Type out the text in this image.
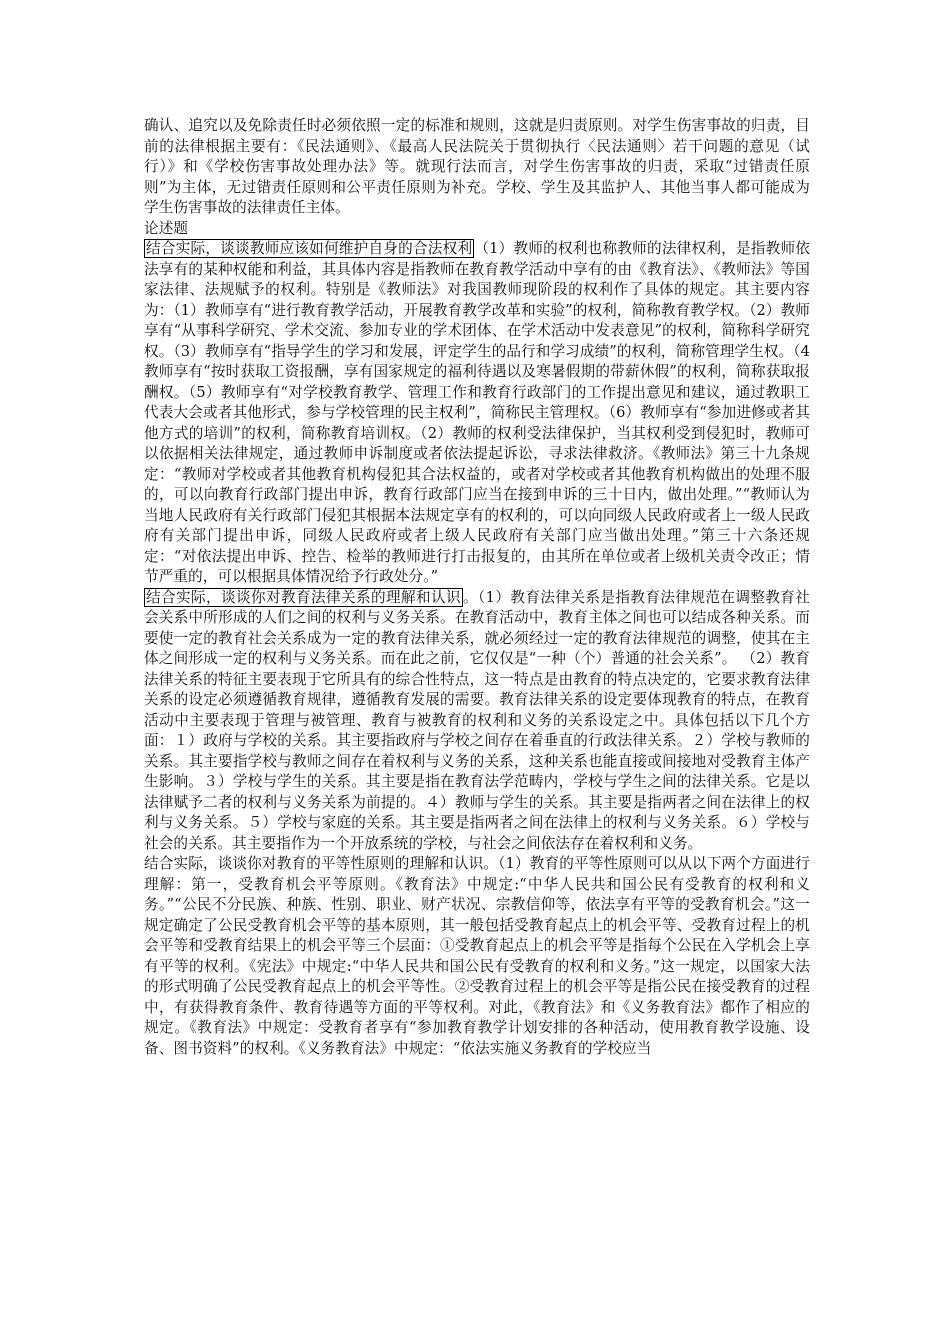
确认、追究以及免除责任时必须依照一定的标准和规则，这就是归责原则。对学生伤害事故的归责，目前的法律根据主要有：《民法通则》、《最高人民法院关于贯彻执行〈民法通则〉若干问题的意见（试行）》和《学校伤害事故处理办法》等。就现行法而言，对学生伤害事故的归责，采取“过错责任原则”为主体，无过错责任原则和公平责任原则为补充。学校、学生及其监护人、其他当事人都可能成为学生伤害事故的法律责任主体。

论述题

结合实际，谈谈教师应该如何维护自身的合法权利 （1）教师的权利也称教师的法律权利，是指教师依法享有的某种权能和利益，其具体内容是指教师在教育教学活动中享有的由《教育法》、《教师法》等国家法律、法规赋予的权利。特别是《教师法》对我国教师现阶段的权利作了具体的规定。其主要内容为：（1）教师享有“进行教育教学活动，开展教育教学改革和实验”的权利，简称教育教学权。（2）教师享有“从事科学研究、学术交流、参加专业的学术团体、在学术活动中发表意见”的权利，简称科学研究权。（3）教师享有“指导学生的学习和发展，评定学生的品行和学习成绩”的权利，简称管理学生权。（4 教师享有“按时获取工资报酬，享有国家规定的福利待遇以及寒暑假期的带薪休假”的权利，简称获取报酬权。（5）教师享有“对学校教育教学、管理工作和教育行政部门的工作提出意见和建议，通过教职工代表大会或者其他形式，参与学校管理的民主权利”，简称民主管理权。（6）教师享有“参加进修或者其他方式的培训”的权利，简称教育培训权。（2）教师的权利受法律保护，当其权利受到侵犯时，教师可以依据相关法律规定，通过教师申诉制度或者依法提起诉讼，寻求法律救济。《教师法》第三十九条规定：“教师对学校或者其他教育机构侵犯其合法权益的，或者对学校或者其他教育机构做出的处理不服的，可以向教育行政部门提出申诉，教育行政部门应当在接到申诉的三十日内，做出处理。”“教师认为当地人民政府有关行政部门侵犯其根据本法规定享有的权利的，可以向同级人民政府或者上一级人民政府有关部门提出申诉，同级人民政府或者上级人民政府有关部门应当做出处理。”第三十六条还规定：“对依法提出申诉、控告、检举的教师进行打击报复的，由其所在单位或者上级机关责令改正；情节严重的，可以根据具体情况给予行政处分。”

结合实际，谈谈你对教育法律关系的理解和认识 。（1）教育法律关系是指教育法律规范在调整教育社会关系中所形成的人们之间的权利与义务关系。在教育活动中，教育主体之间也可以结成各种关系。而要使一定的教育社会关系成为一定的教育法律关系，就必须经过一定的教育法律规范的调整，使其在主体之间形成一定的权利与义务关系。而在此之前，它仅仅是“一种（个）普通的社会关系”。 （2）教育法律关系的特征主要表现于它所具有的综合性特点，这一特点是由教育的特点决定的，它要求教育法律关系的设定必须遵循教育规律，遵循教育发展的需要。教育法律关系的设定要体现教育的特点，在教育活动中主要表现于管理与被管理、教育与被教育的权利和义务的关系设定之中。具体包括以下几个方面：１）政府与学校的关系。其主要指政府与学校之间存在着垂直的行政法律关系。２）学校与教师的关系。其主要指学校与教师之间存在着权利与义务的关系，这种关系也能直接或间接地对受教育主体产生影响。３）学校与学生的关系。其主要是指在教育法学范畴内，学校与学生之间的法律关系。它是以法律赋予二者的权利与义务关系为前提的。４）教师与学生的关系。其主要是指两者之间在法律上的权利与义务关系。５）学校与家庭的关系。其主要是指两者之间在法律上的权利与义务关系。６）学校与社会的关系。其主要指作为一个开放系统的学校，与社会之间依法存在着权利和义务。

结合实际，谈谈你对教育的平等性原则的理解和认识。（1）教育的平等性原则可以从以下两个方面进行理解：第一，受教育机会平等原则。《教育法》中规定:“中华人民共和国公民有受教育的权利和义务。”“公民不分民族、种族、性别、职业、财产状况、宗教信仰等，依法享有平等的受教育机会。”这一规定确定了公民受教育机会平等的基本原则，其一般包括受教育起点上的机会平等、受教育过程上的机会平等和受教育结果上的机会平等三个层面：①受教育起点上的机会平等是指每个公民在入学机会上享有平等的权利。《宪法》中规定:“中华人民共和国公民有受教育的权利和义务。”这一规定，以国家大法的形式明确了公民受教育起点上的机会平等性。②受教育过程上的机会平等是指公民在接受教育的过程中，有获得教育条件、教育待遇等方面的平等权利。对此，《教育法》和《义务教育法》都作了相应的规定。《教育法》中规定：受教育者享有“参加教育教学计划安排的各种活动，使用教育教学设施、设备、图书资料”的权利。《义务教育法》中规定：“依法实施义务教育的学校应当
